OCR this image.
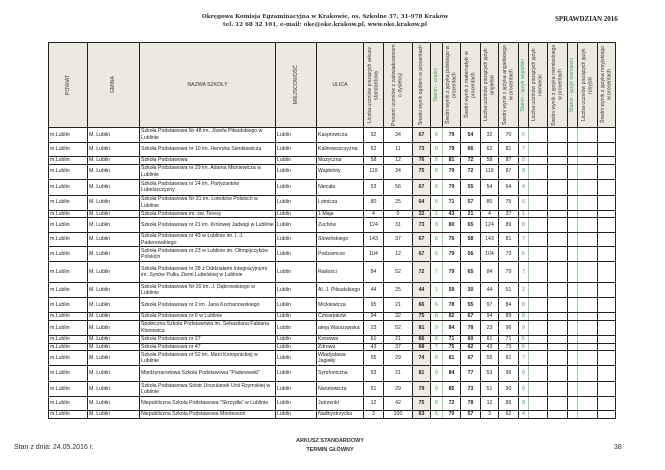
Okręgowa Komisja Egzaminacyjna w Krakowie, os. Szkolne 37, 31-978 Kraków
tel. 12 68 32 101, e-mail: oke@oke.krakow.pl, www.oke.krakow.pl
SPRAWDZIAN 2016
POWIAT	GMINA	NAZWA SZKOŁY	MIEJSCOWOŚĆ	ULICA	Liczba uczniów piszących arkusz standardowy	Procent uczniów z zaświadczeniem o dysleksji	Średni wynik ogółem w procentach	Stanin - części	Średni wynik z języka polskiego w procentach	Średni wynik z matematyki w procentach	Liczba uczniów piszących język angielski	Średni wynik z języka angielskiego w procentach	Stanin - język angielski	Liczba uczniów piszących język niemiecki	Średni wynik z języka niemieckiego w procentach	Stanin - język niemiecki	Liczba uczniów piszących język rosyjski	Średni wynik z języka rosyjskiego w procentach

m.Lublin	M. Lublin	Szkoła Podstawowa Nr 48 im. Józefa Piłsudskiego w Lublinie	Lublin	Kasprowicza	32	34	67	6	79	54	32	70	5					
m.Lublin	M. Lublin	Szkoła Podstawowa nr 10 im. Henryka Sienkiewicza	Lublin	Kalinowszczyzna	62	11	73	8	79	66	62	81	7					
m.Lublin	M. Lublin	Szkoła Podstawowa	Lublin	Muzyczna	58	12	76	8	81	72	58	87	8					
m.Lublin	M. Lublin	Szkoła Podstawowa nr 29 im. Adama Mickiewicza w Lublinie	Lublin	Wajdeloty	119	34	75	8	79	72	119	87	8					
m.Lublin	M. Lublin	Szkoła Podstawowa nr 24 im. Partyzantów Lubelszczyzny	Lublin	Niecała	53	56	67	6	79	55	54	64	4					
m.Lublin	M. Lublin	Szkoła Podstawowa Nr 31 im. Lotników Polskich w Lublinie	Lublin	Lotnicza	80	25	64	6	71	57	80	75	6					
m.Lublin	M. Lublin	Szkoła Podstawowa im. św. Teresy	Lublin	1 Maja	4	0	32	1	43	21	4	37	1					
m.Lublin	M. Lublin	Szkoła Podstawowa nr 21 im. Królowej Jadwigi w Lublinie	Lublin	Zuchów	124	31	73	8	80	65	124	89	8					
m.Lublin	M. Lublin	Szkoła Podstawowa nr 43 w Lublinie im. I. J. Paderewskiego	Lublin	Słowińskiego	143	37	67	6	76	58	143	81	7					
m.Lublin	M. Lublin	Szkoła Podstawowa nr 23 w Lublinie im. Olimpijczyków Polskich	Lublin	Podzamcze	104	12	67	6	79	56	104	73	6					
m.Lublin	M. Lublin	Szkoła Podstawowa nr 28 z Oddziałami Integracyjnymi im. Synów Pułku Ziemi Lubelskiej w Lublinie	Lublin	Radości	84	52	72	7	79	65	84	79	7					
m.Lublin	M. Lublin	Szkoła Podstawowa Nr 20 im. J. Dąbrowskiego w Lublinie	Lublin	Al. J. Piłsudskiego	44	25	44	1	59	30	44	51	2					
m.Lublin	M. Lublin	Szkoła Podstawowa nr 2 im. Jana Kochanowskiego	Lublin	Mickiewicza	95	21	66	6	78	55	97	84	8					
m.Lublin	M. Lublin	Szkoła Podstawowa nr 6 w Lublinie	Lublin	Czwartaków	94	32	75	8	82	67	94	89	8					
m.Lublin	M. Lublin	Społeczna Szkoła Podstawowa im. Sebastiana Fabiana Klonowica	Lublin	aleja Warszawska	23	52	81	9	84	78	23	96	9					
m.Lublin	M. Lublin	Szkoła Podstawowa nr 27	Lublin	Kresowa	61	21	66	6	71	60	61	71	5					
m.Lublin	M. Lublin	Szkoła Podstawowa nr 47	Lublin	Zdrowa	43	37	68	7	75	62	43	73	6					
m.Lublin	M. Lublin	Szkoła Podstawowa nr 52 im. Marii Konopnickiej w Lublinie	Lublin	Władysława Jagiełły	55	29	74	8	81	67	55	81	7					
m.Lublin	M. Lublin	Międzynarodowa Szkoła Podstawowa "Paderewski"	Lublin	Symfoniczna	53	21	81	9	84	77	53	96	9					
m.Lublin	M. Lublin	Szkoła Podstawowa Sióstr Urszulanek Unii Rzymskiej w Lublinie	Lublin	Narutowicza	51	29	79	9	85	73	51	90	9					
m.Lublin	M. Lublin	Niepubliczna Szkoła Podstawowa "Skrzydła" w Lublinie	Lublin	Jutrzenki	12	42	75	8	72	78	12	89	8					
m.Lublin	M. Lublin	Niepubliczna Szkoła Podstawowa Montessori	Lublin	Nadbystrzycka	3	100	63	5	70	57	3	62	4					
Stan z dnia: 24.05.2016 r.
ARKUSZ STANDARDOWY
TERMIN GŁÓWNY	38
